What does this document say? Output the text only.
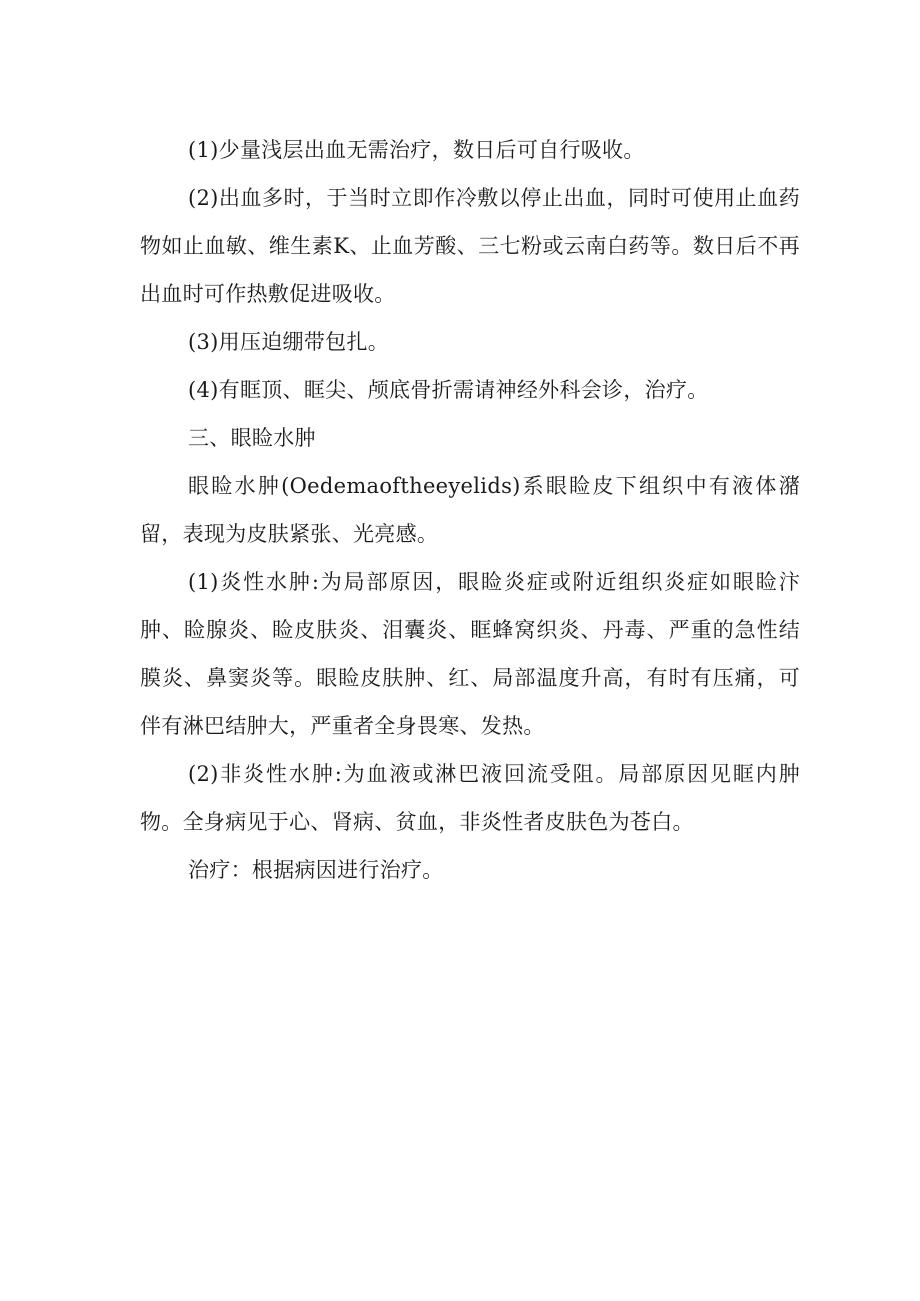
(1)少量浅层出血无需治疗，数日后可自行吸收。

(2)出血多时，于当时立即作冷敷以停止出血，同时可使用止血药物如止血敏、维生素K、止血芳酸、三七粉或云南白药等。数日后不再出血时可作热敷促进吸收。

(3)用压迫绷带包扎。

(4)有眶顶、眶尖、颅底骨折需请神经外科会诊，治疗。

三、眼睑水肿

眼睑水肿(Oedemaoftheeyelids)系眼睑皮下组织中有液体潴留，表现为皮肤紧张、光亮感。

(1)炎性水肿:为局部原因，眼睑炎症或附近组织炎症如眼睑汴肿、睑腺炎、睑皮肤炎、泪囊炎、眶蜂窝织炎、丹毒、严重的急性结膜炎、鼻窦炎等。眼睑皮肤肿、红、局部温度升高，有时有压痛，可伴有淋巴结肿大，严重者全身畏寒、发热。

(2)非炎性水肿:为血液或淋巴液回流受阻。局部原因见眶内肿物。全身病见于心、肾病、贫血，非炎性者皮肤色为苍白。

治疗：根据病因进行治疗。
